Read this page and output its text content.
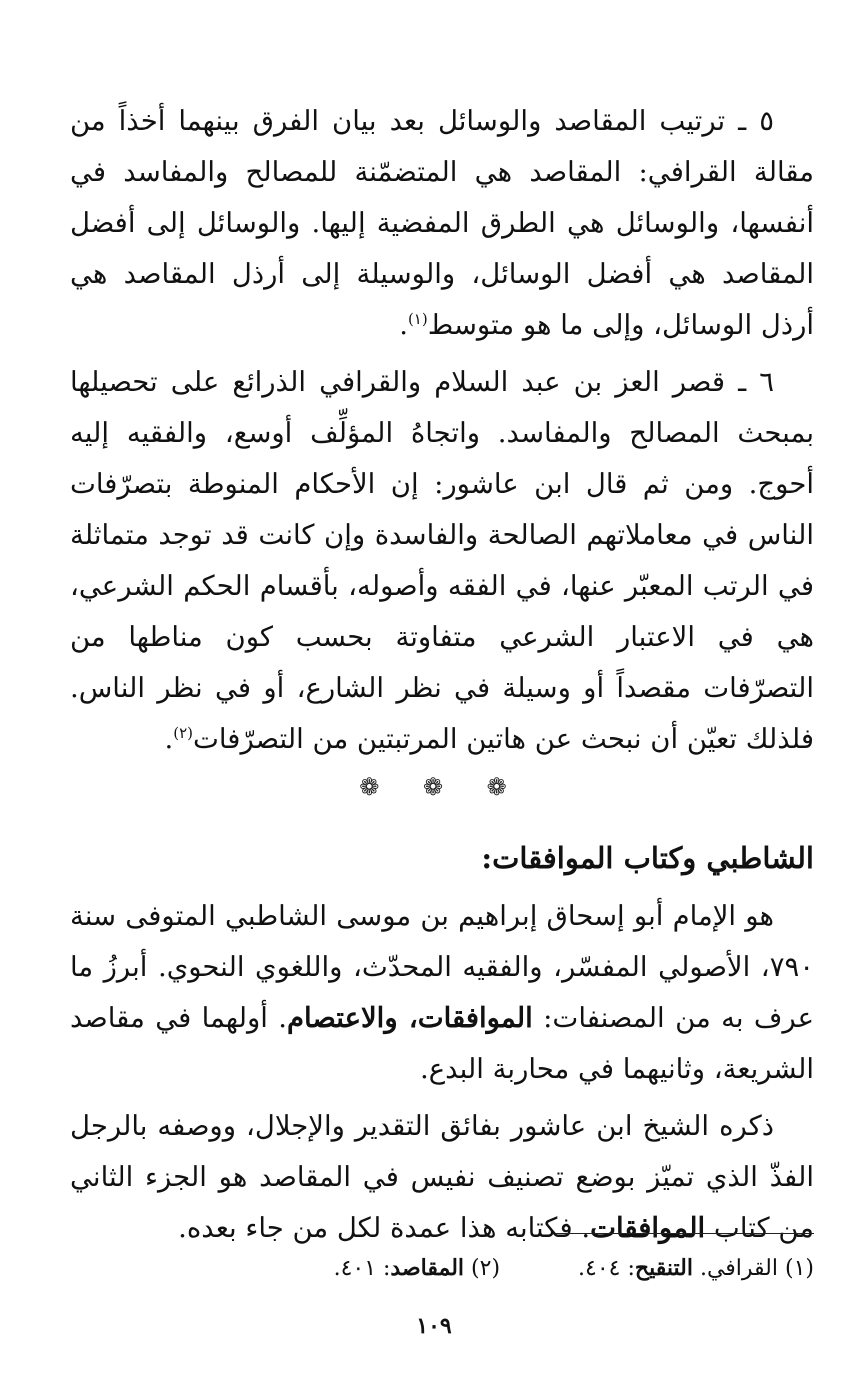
٥ ـ ترتيب المقاصد والوسائل بعد بيان الفرق بينهما أخذاً من مقالة القرافي: المقاصد هي المتضمّنة للمصالح والمفاسد في أنفسها، والوسائل هي الطرق المفضية إليها. والوسائل إلى أفضل المقاصد هي أفضل الوسائل، والوسيلة إلى أرذل المقاصد هي أرذل الوسائل، وإلى ما هو متوسط$^{(١)}$.

٦ ـ قصر العز بن عبد السلام والقرافي الذرائع على تحصيلها بمبحث المصالح والمفاسد. واتجاهُ المؤلِّف أوسع، والفقيه إليه أحوج. ومن ثم قال ابن عاشور: إن الأحكام المنوطة بتصرّفات الناس في معاملاتهم الصالحة والفاسدة وإن كانت قد توجد متماثلة في الرتب المعبّر عنها، في الفقه وأصوله، بأقسام الحكم الشرعي، هي في الاعتبار الشرعي متفاوتة بحسب كون مناطها من التصرّفات مقصداً أو وسيلة في نظر الشارع، أو في نظر الناس. فلذلك تعيّن أن نبحث عن هاتين المرتبتين من التصرّفات$^{(٢)}$.

❁ ❁ ❁
الشاطبي وكتاب الموافقات:

هو الإمام أبو إسحاق إبراهيم بن موسى الشاطبي المتوفى سنة ٧٩٠، الأصولي المفسّر، والفقيه المحدّث، واللغوي النحوي. أبرزُ ما عرف به من المصنفات: الموافقات، والاعتصام. أولهما في مقاصد الشريعة، وثانيهما في محاربة البدع.

ذكره الشيخ ابن عاشور بفائق التقدير والإجلال، ووصفه بالرجل الفذّ الذي تميّز بوضع تصنيف نفيس في المقاصد هو الجزء الثاني من كتاب الموافقات. فكتابه هذا عمدة لكل من جاء بعده.

(١) القرافي. التنقيح: ٤٠٤.(٢) المقاصد: ٤٠١.
١٠٩
